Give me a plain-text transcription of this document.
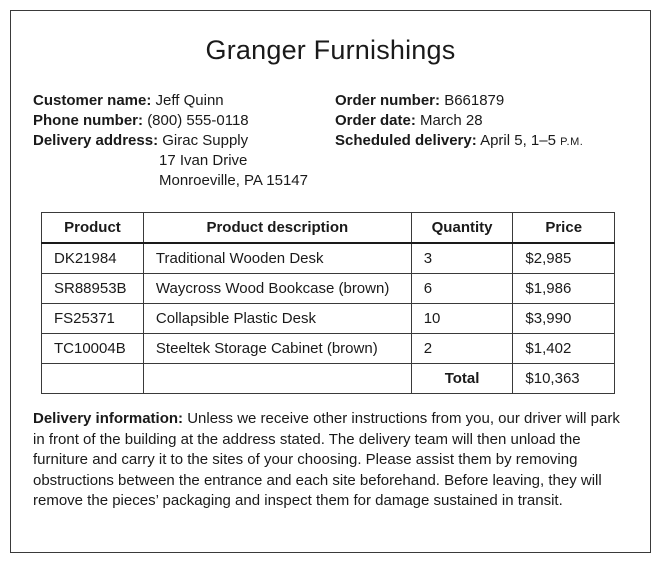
Granger Furnishings
Customer name: Jeff Quinn
Phone number: (800) 555-0118
Delivery address: Girac Supply
17 Ivan Drive
Monroeville, PA 15147
Order number: B661879
Order date: March 28
Scheduled delivery: April 5, 1–5 P.M.
Product	Product description	Quantity	Price
DK21984	Traditional Wooden Desk	3	$2,985
SR88953B	Waycross Wood Bookcase (brown)	6	$1,986
FS25371	Collapsible Plastic Desk	10	$3,990
TC10004B	Steeltek Storage Cabinet (brown)	2	$1,402
		Total	$10,363
Delivery information: Unless we receive other instructions from you, our driver will park in front of the building at the address stated. The delivery team will then unload the furniture and carry it to the sites of your choosing. Please assist them by removing obstructions between the entrance and each site beforehand. Before leaving, they will remove the pieces’ packaging and inspect them for damage sustained in transit.
